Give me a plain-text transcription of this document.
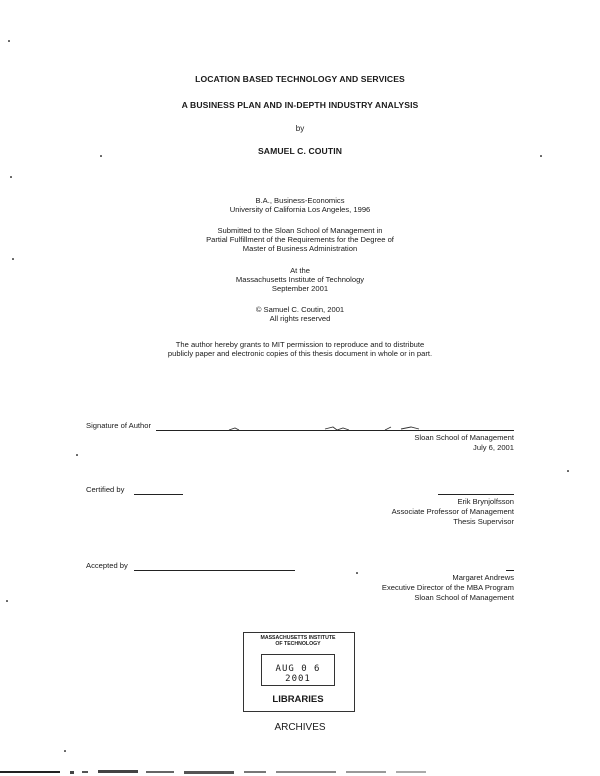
LOCATION BASED TECHNOLOGY AND SERVICES
A BUSINESS PLAN AND IN-DEPTH INDUSTRY ANALYSIS
by
SAMUEL C. COUTIN
B.A., Business-Economics
University of California Los Angeles, 1996
Submitted to the Sloan School of Management in
Partial Fulfillment of the Requirements for the Degree of
Master of Business Administration
At the
Massachusetts Institute of Technology
September 2001
© Samuel C. Coutin, 2001
All rights reserved
The author hereby grants to MIT permission to reproduce and to distribute
publicly paper and electronic copies of this thesis document in whole or in part.
Signature of Author
Sloan School of Management
July 6, 2001
Certified by
Erik Brynjolfsson
Associate Professor of Management
Thesis Supervisor
Accepted by
Margaret Andrews
Executive Director of the MBA Program
Sloan School of Management
MASSACHUSETTS INSTITUTE
OF TECHNOLOGY
AUG 0 6 2001
LIBRARIES
ARCHIVES
